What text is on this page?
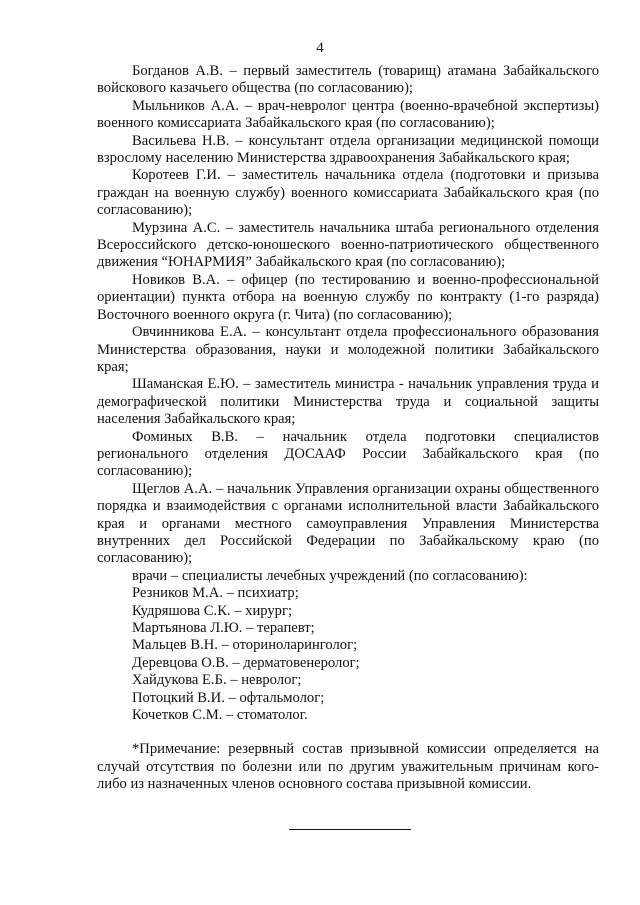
4

Богданов А.В. – первый заместитель (товарищ) атамана Забайкальского войскового казачьего общества (по согласованию);

Мыльников А.А. – врач-невролог центра (военно-врачебной экспертизы) военного комиссариата Забайкальского края (по согласованию);

Васильева Н.В. – консультант отдела организации медицинской помощи взрослому населению Министерства здравоохранения Забайкальского края;

Коротеев Г.И. – заместитель начальника отдела (подготовки и призыва граждан на военную службу) военного комиссариата Забайкальского края (по согласованию);

Мурзина А.С. – заместитель начальника штаба регионального отделения Всероссийского детско-юношеского военно-патриотического общественного движения “ЮНАРМИЯ” Забайкальского края (по согласованию);

Новиков В.А. – офицер (по тестированию и военно-профессиональной ориентации) пункта отбора на военную службу по контракту (1-го разряда) Восточного военного округа (г. Чита) (по согласованию);

Овчинникова Е.А. – консультант отдела профессионального образования Министерства образования, науки и молодежной политики Забайкальского края;

Шаманская Е.Ю. – заместитель министра - начальник управления труда и демографической политики Министерства труда и социальной защиты населения Забайкальского края;

Фоминых В.В. – начальник отдела подготовки специалистов регионального отделения ДОСААФ России Забайкальского края (по согласованию);

Щеглов А.А. – начальник Управления организации охраны общественного порядка и взаимодействия с органами исполнительной власти Забайкальского края и органами местного самоуправления Управления Министерства внутренних дел Российской Федерации по Забайкальскому краю (по согласованию);

врачи – специалисты лечебных учреждений (по согласованию):

Резников М.А. – психиатр;

Кудряшова С.К. – хирург;

Мартьянова Л.Ю. – терапевт;

Мальцев В.Н. – оториноларинголог;

Деревцова О.В. – дерматовенеролог;

Хайдукова Е.Б. – невролог;

Потоцкий В.И. – офтальмолог;

Кочетков С.М. – стоматолог.

*Примечание: резервный состав призывной комиссии определяется на случай отсутствия по болезни или по другим уважительным причинам кого-либо из назначенных членов основного состава призывной комиссии.
